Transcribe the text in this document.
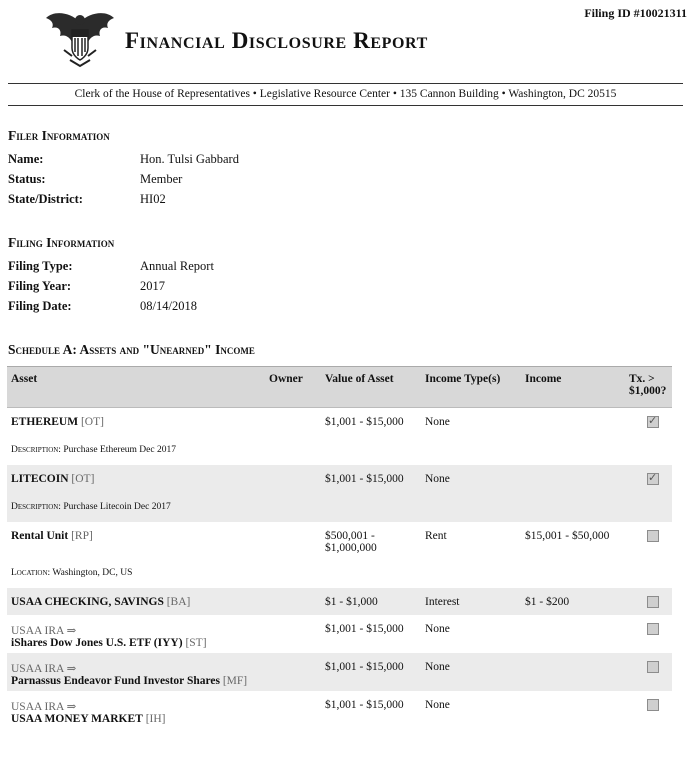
Filing ID #10021311
Financial Disclosure Report
Clerk of the House of Representatives • Legislative Resource Center • 135 Cannon Building • Washington, DC 20515
Filer Information
Name:	Hon. Tulsi Gabbard
Status:	Member
State/District:	HI02
Filing Information
Filing Type:	Annual Report
Filing Year:	2017
Filing Date:	08/14/2018
Schedule A: Assets and "Unearned" Income
Asset	Owner	Value of Asset	Income Type(s)	Income	Tx. > $1,000?
ETHEREUM [OT]		$1,001 - $15,000	None		✓
Description: Purchase Ethereum Dec 2017					
LITECOIN [OT]		$1,001 - $15,000	None		✓
Description: Purchase Litecoin Dec 2017					
Rental Unit [RP]		$500,001 - $1,000,000	Rent	$15,001 - $50,000	
Location: Washington, DC, US					
USAA CHECKING, SAVINGS [BA]		$1 - $1,000	Interest	$1 - $200	

USAA IRA ⇒
iShares Dow Jones U.S. ETF (IYY) [ST]		$1,001 - $15,000	None		

USAA IRA ⇒
Parnassus Endeavor Fund Investor Shares [MF]		$1,001 - $15,000	None		

USAA IRA ⇒
USAA MONEY MARKET [IH]		$1,001 - $15,000	None		
